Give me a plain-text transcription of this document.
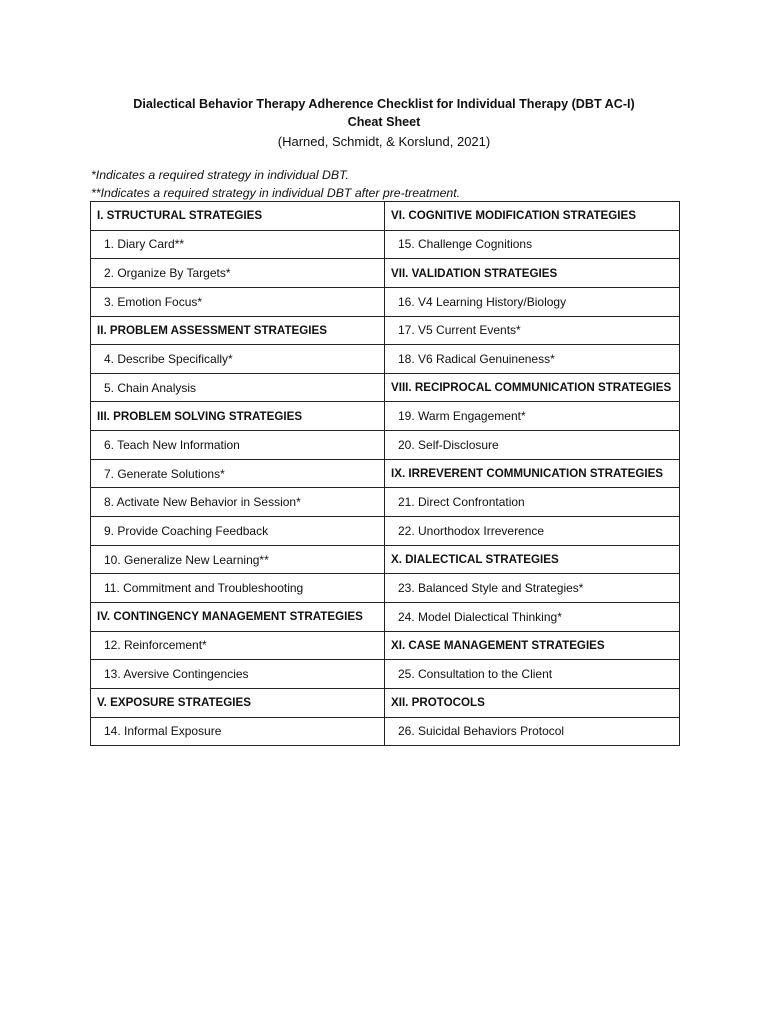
Dialectical Behavior Therapy Adherence Checklist for Individual Therapy (DBT AC-I)
Cheat Sheet
(Harned, Schmidt, & Korslund, 2021)
*Indicates a required strategy in individual DBT.
**Indicates a required strategy in individual DBT after pre-treatment.
I. STRUCTURAL STRATEGIES	VI. COGNITIVE MODIFICATION STRATEGIES
1. Diary Card**	15. Challenge Cognitions
2. Organize By Targets*	VII. VALIDATION STRATEGIES
3. Emotion Focus*	16. V4 Learning History/Biology
II. PROBLEM ASSESSMENT STRATEGIES	17. V5 Current Events*
4. Describe Specifically*	18. V6 Radical Genuineness*
5. Chain Analysis	VIII. RECIPROCAL COMMUNICATION STRATEGIES
III. PROBLEM SOLVING STRATEGIES	19. Warm Engagement*
6. Teach New Information	20. Self-Disclosure
7. Generate Solutions*	IX. IRREVERENT COMMUNICATION STRATEGIES
8. Activate New Behavior in Session*	21. Direct Confrontation
9. Provide Coaching Feedback	22. Unorthodox Irreverence
10. Generalize New Learning**	X. DIALECTICAL STRATEGIES
11. Commitment and Troubleshooting	23. Balanced Style and Strategies*
IV. CONTINGENCY MANAGEMENT STRATEGIES	24. Model Dialectical Thinking*
12. Reinforcement*	XI. CASE MANAGEMENT STRATEGIES
13. Aversive Contingencies	25. Consultation to the Client
V. EXPOSURE STRATEGIES	XII. PROTOCOLS
14. Informal Exposure	26. Suicidal Behaviors Protocol
